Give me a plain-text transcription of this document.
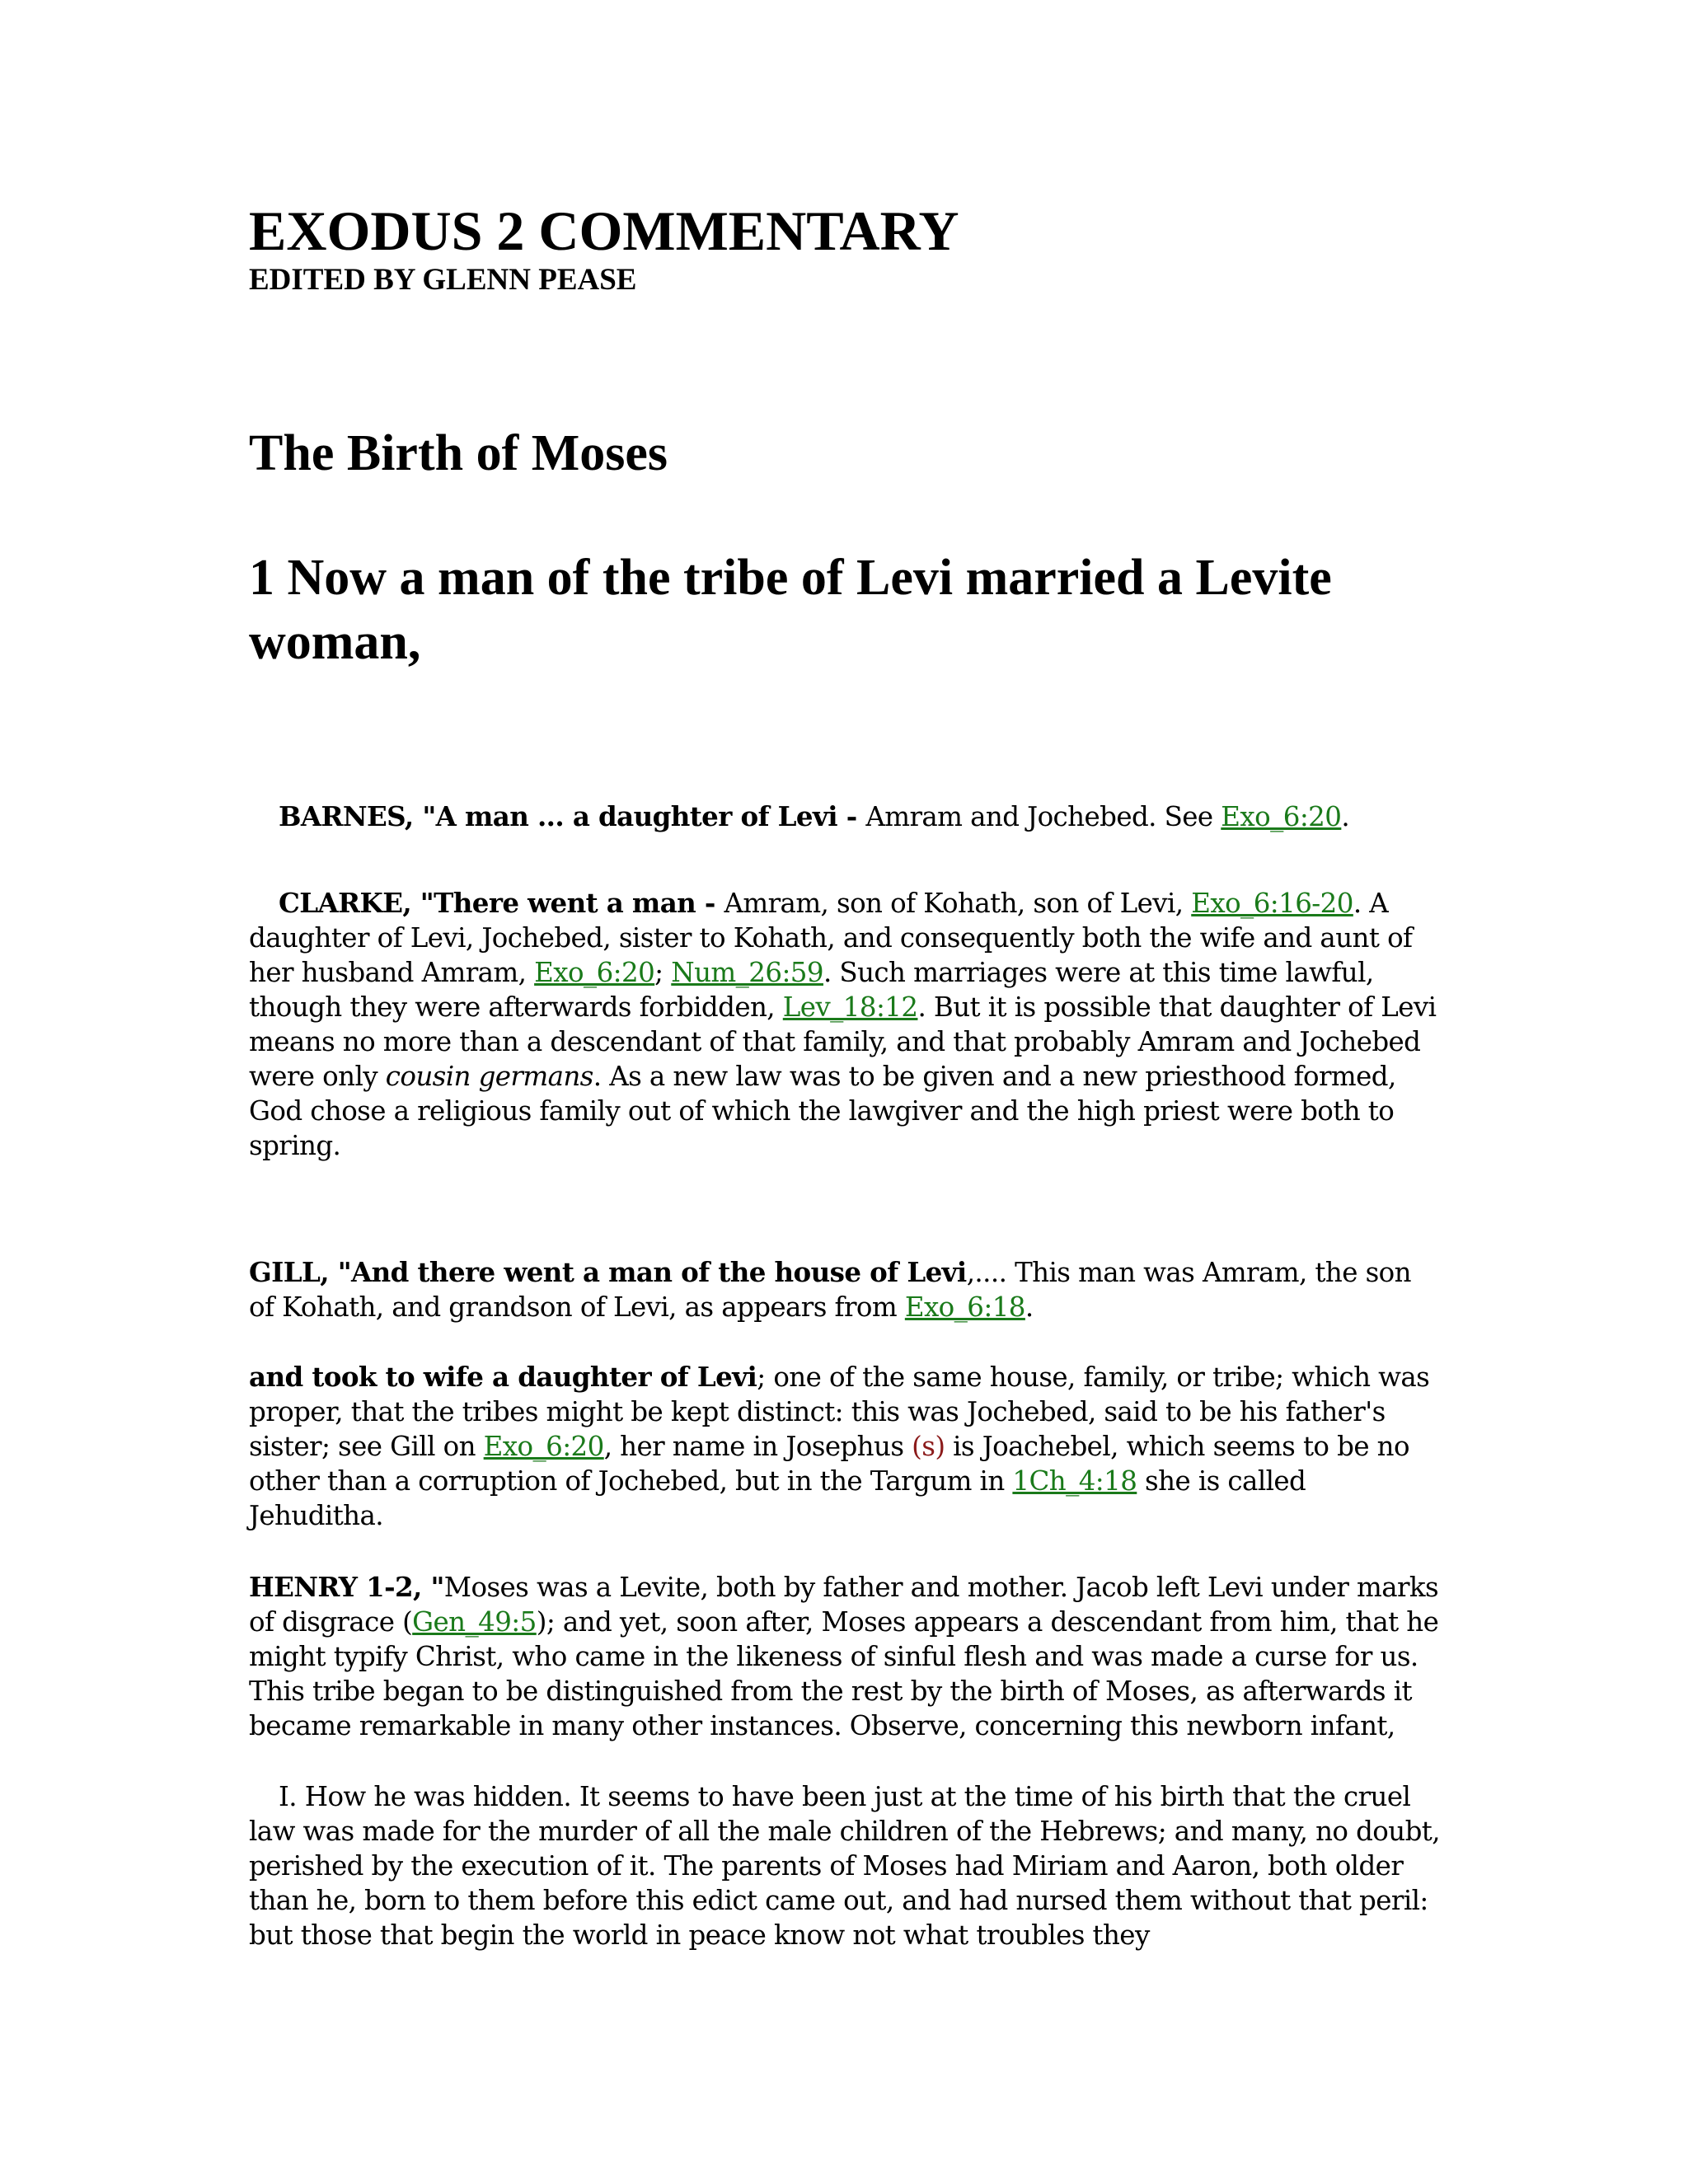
EXODUS 2 COMMENTARY
EDITED BY GLENN PEASE
The Birth of Moses
1 Now a man of the tribe of Levi married a Levite woman,

BARNES, "A man ... a daughter of Levi - Amram and Jochebed. See Exo_6:20.

CLARKE, "There went a man - Amram, son of Kohath, son of Levi, Exo_6:16-20. A daughter of Levi, Jochebed, sister to Kohath, and consequently both the wife and aunt of her husband Amram, Exo_6:20; Num_26:59. Such marriages were at this time lawful, though they were afterwards forbidden, Lev_18:12. But it is possible that daughter of Levi means no more than a descendant of that family, and that probably Amram and Jochebed were only cousin germans. As a new law was to be given and a new priesthood formed, God chose a religious family out of which the lawgiver and the high priest were both to spring.

GILL, "And there went a man of the house of Levi,.... This man was Amram, the son of Kohath, and grandson of Levi, as appears from Exo_6:18.

and took to wife a daughter of Levi; one of the same house, family, or tribe; which was proper, that the tribes might be kept distinct: this was Jochebed, said to be his father's sister; see Gill on Exo_6:20, her name in Josephus (s) is Joachebel, which seems to be no other than a corruption of Jochebed, but in the Targum in 1Ch_4:18 she is called Jehuditha.

HENRY 1-2, "Moses was a Levite, both by father and mother. Jacob left Levi under marks of disgrace (Gen_49:5); and yet, soon after, Moses appears a descendant from him, that he might typify Christ, who came in the likeness of sinful flesh and was made a curse for us. This tribe began to be distinguished from the rest by the birth of Moses, as afterwards it became remarkable in many other instances. Observe, concerning this newborn infant,

I. How he was hidden. It seems to have been just at the time of his birth that the cruel law was made for the murder of all the male children of the Hebrews; and many, no doubt, perished by the execution of it. The parents of Moses had Miriam and Aaron, both older than he, born to them before this edict came out, and had nursed them without that peril: but those that begin the world in peace know not what troubles they
